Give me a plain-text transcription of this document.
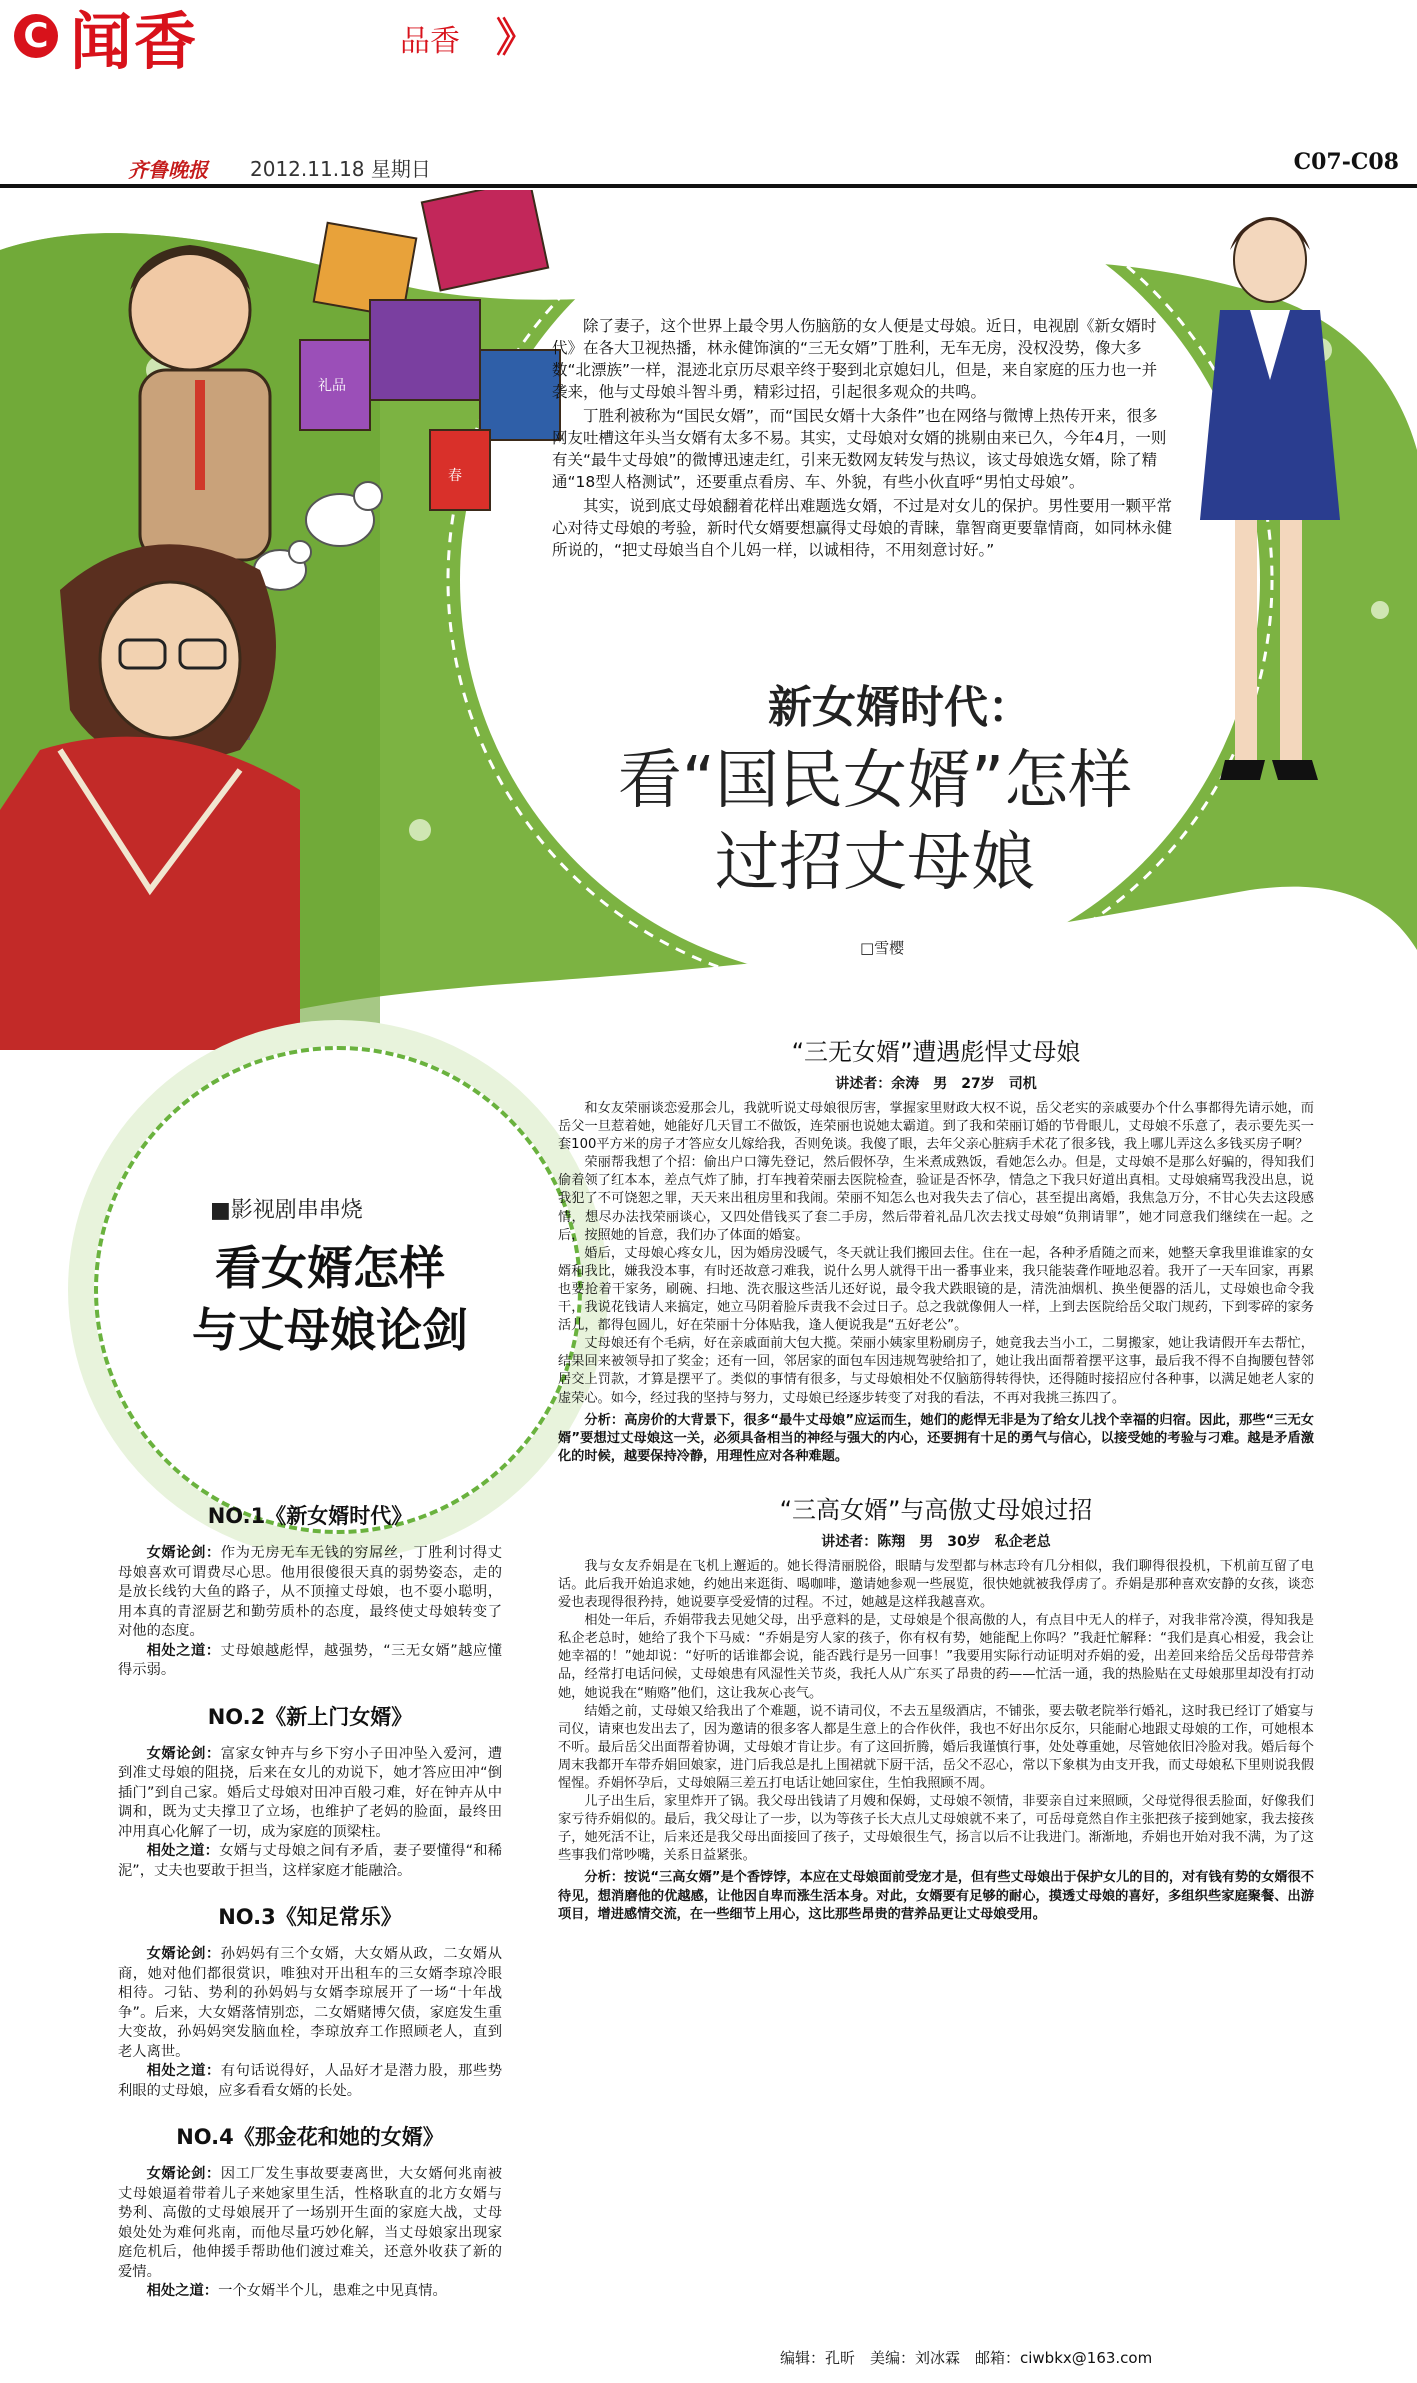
C 闻香	品香 》
齐鲁晚报 2012.11.18 星期日	C07-C08
礼品
春

除了妻子，这个世界上最令男人伤脑筋的女人便是丈母娘。近日，电视剧《新女婿时代》在各大卫视热播，林永健饰演的“三无女婿”丁胜利，无车无房，没权没势，像大多数“北漂族”一样，混迹北京历尽艰辛终于娶到北京媳妇儿，但是，来自家庭的压力也一并袭来，他与丈母娘斗智斗勇，精彩过招，引起很多观众的共鸣。

丁胜利被称为“国民女婿”，而“国民女婿十大条件”也在网络与微博上热传开来，很多网友吐槽这年头当女婿有太多不易。其实，丈母娘对女婿的挑剔由来已久，今年4月，一则有关“最牛丈母娘”的微博迅速走红，引来无数网友转发与热议，该丈母娘选女婿，除了精通“18型人格测试”，还要重点看房、车、外貌，有些小伙直呼“男怕丈母娘”。

其实，说到底丈母娘翻着花样出难题选女婿，不过是对女儿的保护。男性要用一颗平常心对待丈母娘的考验，新时代女婿要想赢得丈母娘的青睐，靠智商更要靠情商，如同林永健所说的，“把丈母娘当自个儿妈一样，以诚相待，不用刻意讨好。”

新女婿时代：
看“国民女婿”怎样
过招丈母娘
□雪樱
■影视剧串串烧
看女婿怎样
与丈母娘论剑
NO.1《新女婿时代》

女婿论剑：作为无房无车无钱的穷屌丝，丁胜利讨得丈母娘喜欢可谓费尽心思。他用很傻很天真的弱势姿态，走的是放长线钓大鱼的路子，从不顶撞丈母娘，也不耍小聪明，用本真的青涩厨艺和勤劳质朴的态度，最终使丈母娘转变了对他的态度。

相处之道：丈母娘越彪悍，越强势，“三无女婿”越应懂得示弱。

NO.2《新上门女婿》

女婿论剑：富家女钟卉与乡下穷小子田冲坠入爱河，遭到准丈母娘的阻挠，后来在女儿的劝说下，她才答应田冲“倒插门”到自己家。婚后丈母娘对田冲百般刁难，好在钟卉从中调和，既为丈夫撑卫了立场，也维护了老妈的脸面，最终田冲用真心化解了一切，成为家庭的顶梁柱。

相处之道：女婿与丈母娘之间有矛盾，妻子要懂得“和稀泥”，丈夫也要敢于担当，这样家庭才能融洽。

NO.3《知足常乐》

女婿论剑：孙妈妈有三个女婿，大女婿从政，二女婿从商，她对他们都很赏识，唯独对开出租车的三女婿李琼冷眼相待。刁钻、势利的孙妈妈与女婿李琼展开了一场“十年战争”。后来，大女婿落情别恋，二女婿赌博欠债，家庭发生重大变故，孙妈妈突发脑血栓，李琼放弃工作照顾老人，直到老人离世。

相处之道：有句话说得好，人品好才是潜力股，那些势利眼的丈母娘，应多看看女婿的长处。

NO.4《那金花和她的女婿》

女婿论剑：因工厂发生事故要妻离世，大女婿何兆南被丈母娘逼着带着儿子来她家里生活，性格耿直的北方女婿与势利、高傲的丈母娘展开了一场别开生面的家庭大战，丈母娘处处为难何兆南，而他尽量巧妙化解，当丈母娘家出现家庭危机后，他伸援手帮助他们渡过难关，还意外收获了新的爱情。

相处之道：一个女婿半个儿，患难之中见真情。

“三无女婿”遭遇彪悍丈母娘
讲述者：余涛　男　27岁　司机

和女友荣丽谈恋爱那会儿，我就听说丈母娘很厉害，掌握家里财政大权不说，岳父老实的亲戚要办个什么事都得先请示她，而岳父一旦惹着她，她能好几天冒工不做饭，连荣丽也说她太霸道。到了我和荣丽订婚的节骨眼儿，丈母娘不乐意了，表示要先买一套100平方米的房子才答应女儿嫁给我，否则免谈。我傻了眼，去年父亲心脏病手术花了很多钱，我上哪儿弄这么多钱买房子啊？

荣丽帮我想了个招：偷出户口簿先登记，然后假怀孕，生米煮成熟饭，看她怎么办。但是，丈母娘不是那么好骗的，得知我们偷着领了红本本，差点气炸了肺，打车拽着荣丽去医院检查，验证是否怀孕，情急之下我只好道出真相。丈母娘痛骂我没出息，说我犯了不可饶恕之罪，天天来出租房里和我闹。荣丽不知怎么也对我失去了信心，甚至提出离婚，我焦急万分，不甘心失去这段感情，想尽办法找荣丽谈心，又四处借钱买了套二手房，然后带着礼品几次去找丈母娘“负荆请罪”，她才同意我们继续在一起。之后，按照她的旨意，我们办了体面的婚宴。

婚后，丈母娘心疼女儿，因为婚房没暖气，冬天就让我们搬回去住。住在一起，各种矛盾随之而来，她整天拿我里谁谁家的女婿和我比，嫌我没本事，有时还故意刁难我，说什么男人就得干出一番事业来，我只能装聋作哑地忍着。我开了一天车回家，再累也要抢着干家务，刷碗、扫地、洗衣服这些活儿还好说，最令我犬跌眼镜的是，清洗油烟机、换坐便器的活儿，丈母娘也命令我干，我说花钱请人来搞定，她立马阴着脸斥责我不会过日子。总之我就像佣人一样，上到去医院给岳父取门规药，下到零碎的家务活儿，都得包圆儿，好在荣丽十分体贴我，逢人便说我是“五好老公”。

丈母娘还有个毛病，好在亲戚面前大包大揽。荣丽小姨家里粉刷房子，她竟我去当小工，二舅搬家，她让我请假开车去帮忙，结果回来被领导扣了奖金；还有一回，邻居家的面包车因违规驾驶给扣了，她让我出面帮着摆平这事，最后我不得不自掏腰包替邻居交上罚款，才算是摆平了。类似的事情有很多，与丈母娘相处不仅脑筋得转得快，还得随时接招应付各种事，以满足她老人家的虚荣心。如今，经过我的坚持与努力，丈母娘已经逐步转变了对我的看法，不再对我挑三拣四了。

分析：高房价的大背景下，很多“最牛丈母娘”应运而生，她们的彪悍无非是为了给女儿找个幸福的归宿。因此，那些“三无女婿”要想过丈母娘这一关，必须具备相当的神经与强大的内心，还要拥有十足的勇气与信心，以接受她的考验与刁难。越是矛盾激化的时候，越要保持冷静，用理性应对各种难题。

“三高女婿”与高傲丈母娘过招
讲述者：陈翔　男　30岁　私企老总

我与女友乔娟是在飞机上邂逅的。她长得清丽脱俗，眼睛与发型都与林志玲有几分相似，我们聊得很投机，下机前互留了电话。此后我开始追求她，约她出来逛街、喝咖啡，邀请她参观一些展览，很快她就被我俘虏了。乔娟是那种喜欢安静的女孩，谈恋爱也表现得很矜持，她说要享受爱情的过程。不过，她越是这样我越喜欢。

相处一年后，乔娟带我去见她父母，出乎意料的是，丈母娘是个很高傲的人，有点目中无人的样子，对我非常冷漠，得知我是私企老总时，她给了我个下马威：“乔娟是穷人家的孩子，你有权有势，她能配上你吗？”我赶忙解释：“我们是真心相爱，我会让她幸福的！”她却说：“好听的话谁都会说，能否践行是另一回事！”我要用实际行动证明对乔娟的爱，出差回来给岳父岳母带营养品，经常打电话问候，丈母娘患有风湿性关节炎，我托人从广东买了昂贵的药——忙活一通，我的热脸贴在丈母娘那里却没有打动她，她说我在“贿赂”他们，这让我灰心丧气。

结婚之前，丈母娘又给我出了个难题，说不请司仪，不去五星级酒店，不铺张，要去敬老院举行婚礼，这时我已经订了婚宴与司仪，请柬也发出去了，因为邀请的很多客人都是生意上的合作伙伴，我也不好出尔反尔，只能耐心地跟丈母娘的工作，可她根本不听。最后岳父出面帮着协调，丈母娘才肯让步。有了这回折腾，婚后我谨慎行事，处处尊重她，尽管她依旧冷脸对我。婚后每个周末我都开车带乔娟回娘家，进门后我总是扎上围裙就下厨干活，岳父不忍心，常以下象棋为由支开我，而丈母娘私下里则说我假惺惺。乔娟怀孕后，丈母娘隔三差五打电话让她回家住，生怕我照顾不周。

儿子出生后，家里炸开了锅。我父母出钱请了月嫂和保姆，丈母娘不领情，非要亲自过来照顾，父母觉得很丢脸面，好像我们家亏待乔娟似的。最后，我父母让了一步，以为等孩子长大点儿丈母娘就不来了，可岳母竟然自作主张把孩子接到她家，我去接孩子，她死活不让，后来还是我父母出面接回了孩子，丈母娘很生气，扬言以后不让我进门。渐渐地，乔娟也开始对我不满，为了这些事我们常吵嘴，关系日益紧张。

分析：按说“三高女婿”是个香饽饽，本应在丈母娘面前受宠才是，但有些丈母娘出于保护女儿的目的，对有钱有势的女婿很不待见，想消磨他的优越感，让他因自卑而涨生活本身。对此，女婿要有足够的耐心，摸透丈母娘的喜好，多组织些家庭聚餐、出游项目，增进感情交流，在一些细节上用心，这比那些昂贵的营养品更让丈母娘受用。

编辑：孔昕　美编：刘冰霖　邮箱：ciwbkx@163.com
